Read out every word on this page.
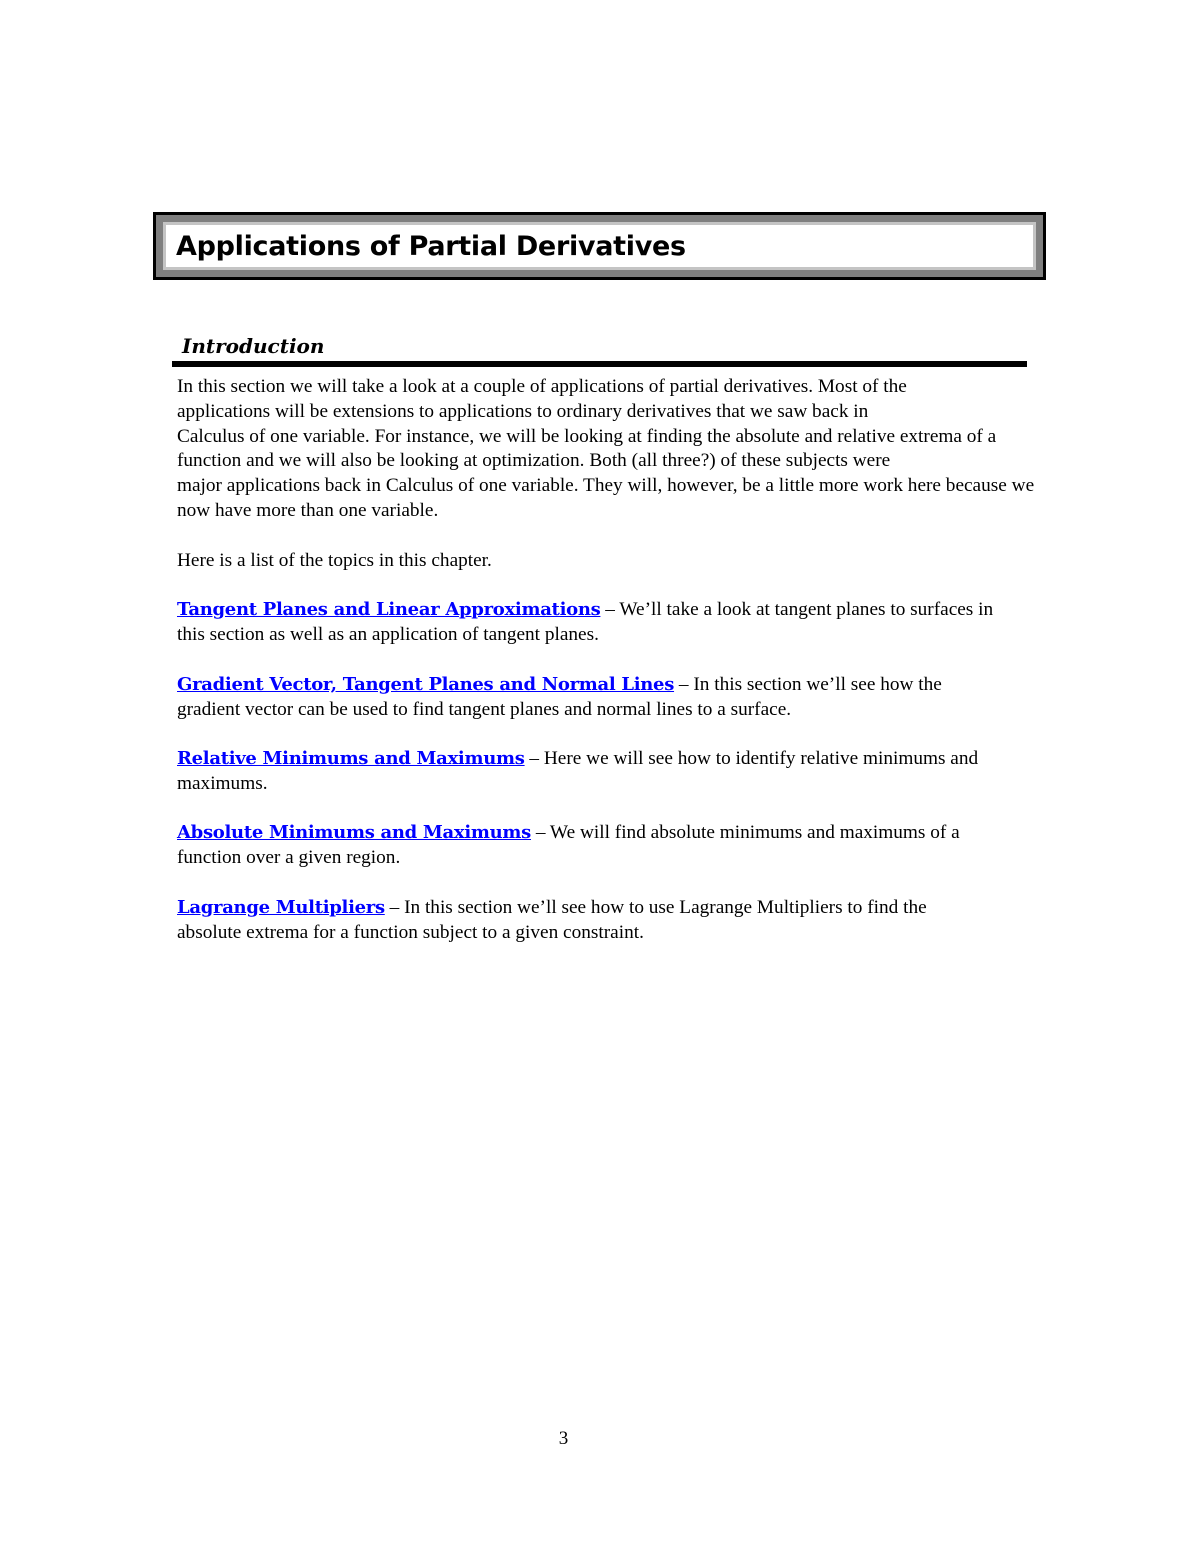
Applications of Partial Derivatives
Introduction
In this section we will take a look at a couple of applications of partial derivatives. Most of the
applications will be extensions to applications to ordinary derivatives that we saw back in
Calculus of one variable. For instance, we will be looking at finding the absolute and relative extrema of a
function and we will also be looking at optimization. Both (all three?) of these subjects were
major applications back in Calculus of one variable. They will, however, be a little more work here because we
now have more than one variable.
Here is a list of the topics in this chapter.
Tangent Planes and Linear Approximations – We’ll take a look at tangent planes to surfaces in
this section as well as an application of tangent planes.
Gradient Vector, Tangent Planes and Normal Lines – In this section we’ll see how the
gradient vector can be used to find tangent planes and normal lines to a surface.
Relative Minimums and Maximums – Here we will see how to identify relative minimums and
maximums.
Absolute Minimums and Maximums – We will find absolute minimums and maximums of a
function over a given region.
Lagrange Multipliers – In this section we’ll see how to use Lagrange Multipliers to find the
absolute extrema for a function subject to a given constraint.
3
